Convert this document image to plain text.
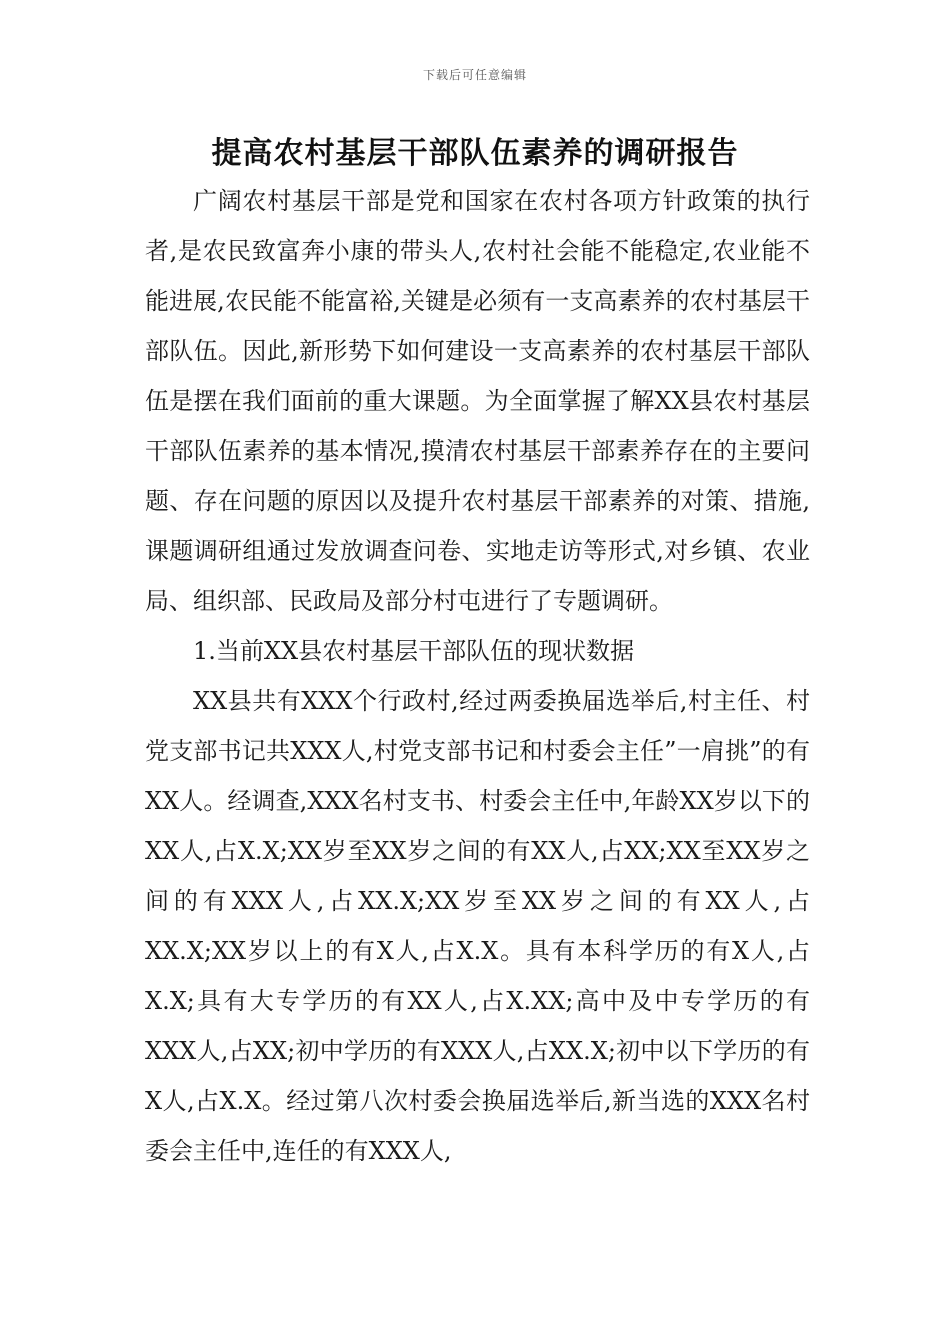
下载后可任意编辑
提高农村基层干部队伍素养的调研报告

广阔农村基层干部是党和国家在农村各项方针政策的执行者,是农民致富奔小康的带头人,农村社会能不能稳定,农业能不能进展,农民能不能富裕,关键是必须有一支高素养的农村基层干部队伍。因此,新形势下如何建设一支高素养的农村基层干部队伍是摆在我们面前的重大课题。为全面掌握了解XX县农村基层干部队伍素养的基本情况,摸清农村基层干部素养存在的主要问题、存在问题的原因以及提升农村基层干部素养的对策、措施,课题调研组通过发放调查问卷、实地走访等形式,对乡镇、农业局、组织部、民政局及部分村屯进行了专题调研。

1.当前XX县农村基层干部队伍的现状数据

XX县共有XXX个行政村,经过两委换届选举后,村主任、村党支部书记共XXX人,村党支部书记和村委会主任”一肩挑”的有XX人。经调查,XXX名村支书、村委会主任中,年龄XX岁以下的XX人,占X.X;XX岁至XX岁之间的有XX人,占XX;XX至XX岁之间的有XXX人,占XX.X;XX岁至XX岁之间的有XX人,占XX.X;XX岁以上的有X人,占X.X。具有本科学历的有X人,占X.X;具有大专学历的有XX人,占X.XX;高中及中专学历的有XXX人,占XX;初中学历的有XXX人,占XX.X;初中以下学历的有X人,占X.X。经过第八次村委会换届选举后,新当选的XXX名村委会主任中,连任的有XXX人,
